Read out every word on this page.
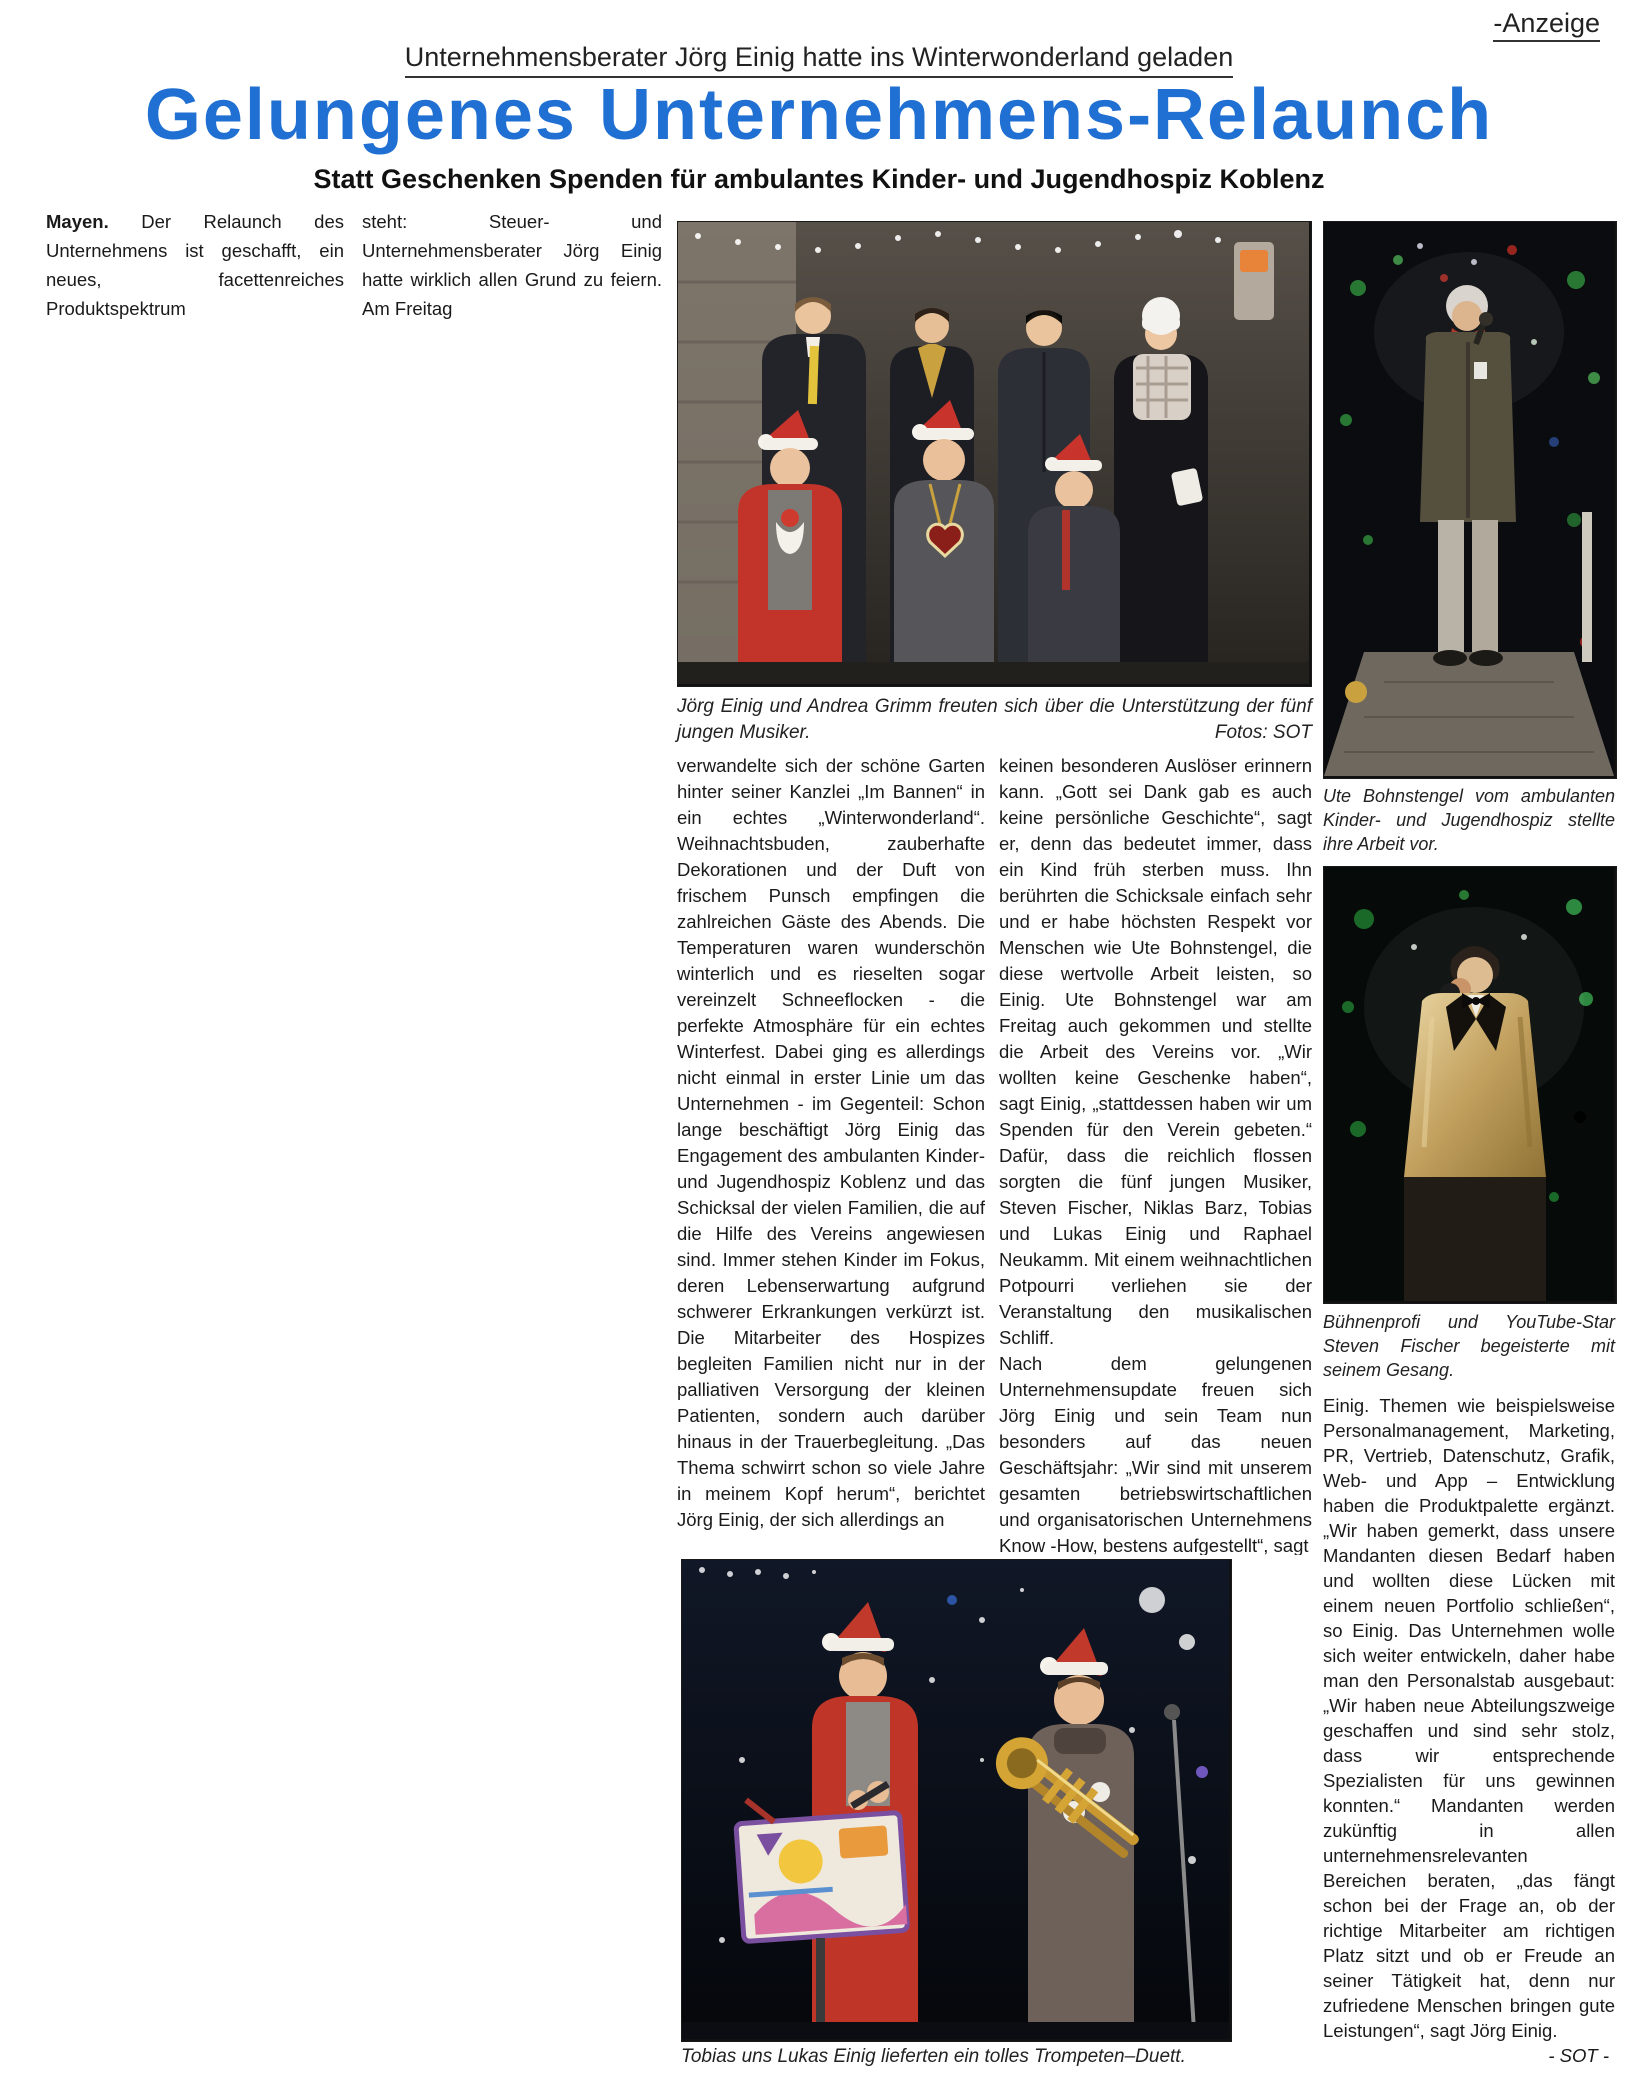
-Anzeige
Unternehmensberater Jörg Einig hatte ins Winterwonderland geladen
Gelungenes Unternehmens-Relaunch
Statt Geschenken Spenden für ambulantes Kinder- und Jugendhospiz Koblenz
Mayen. Der Relaunch des Unternehmens ist geschafft, ein neues, facettenreiches Produktspektrum
steht: Steuer- und Unternehmensberater Jörg Einig hatte wirklich allen Grund zu feiern. Am Freitag
Jörg Einig und Andrea Grimm freuten sich über die Unterstützung der fünf jungen Musiker.	Fotos: SOT

verwandelte sich der schöne Garten hinter seiner Kanzlei „Im Bannen“ in ein echtes „Winterwonderland“. Weihnachtsbuden, zauberhafte Dekorationen und der Duft von frischem Punsch empfingen die zahlreichen Gäste des Abends. Die Temperaturen waren wunderschön winterlich und es rieselten sogar vereinzelt Schneeflocken - die perfekte Atmosphäre für ein echtes Winterfest. Dabei ging es allerdings nicht einmal in erster Linie um das Unternehmen - im Gegenteil: Schon lange beschäftigt Jörg Einig das Engagement des ambulanten Kinder- und Jugendhospiz Koblenz und das Schicksal der vielen Familien, die auf die Hilfe des Vereins angewiesen sind. Immer stehen Kinder im Fokus, deren Lebenserwartung aufgrund schwerer Erkrankungen verkürzt ist. Die Mitarbeiter des Hospizes begleiten Familien nicht nur in der palliativen Versorgung der kleinen Patienten, sondern auch darüber hinaus in der Trauerbegleitung. „Das Thema schwirrt schon so viele Jahre in meinem Kopf herum“, berichtet Jörg Einig, der sich allerdings an

keinen besonderen Auslöser erinnern kann. „Gott sei Dank gab es auch keine persönliche Geschichte“, sagt er, denn das bedeutet immer, dass ein Kind früh sterben muss. Ihn berührten die Schicksale einfach sehr und er habe höchsten Respekt vor Menschen wie Ute Bohnstengel, die diese wertvolle Arbeit leisten, so Einig. Ute Bohnstengel war am Freitag auch gekommen und stellte die Arbeit des Vereins vor. „Wir wollten keine Geschenke haben“, sagt Einig, „stattdessen haben wir um Spenden für den Verein gebeten.“ Dafür, dass die reichlich flossen sorgten die fünf jungen Musiker, Steven Fischer, Niklas Barz, Tobias und Lukas Einig und Raphael Neukamm. Mit einem weihnachtlichen Potpourri verliehen sie der Veranstaltung den musikalischen Schliff.

Nach dem gelungenen Unternehmensupdate freuen sich Jörg Einig und sein Team nun besonders auf das neuen Geschäftsjahr: „Wir sind mit unserem gesamten betriebswirtschaftlichen und organisatorischen Unternehmens Know -How, bestens aufgestellt“, sagt

Ute Bohnstengel vom ambulanten Kinder- und Jugendhospiz stellte ihre Arbeit vor.
Bühnenprofi und YouTube-Star Steven Fischer begeisterte mit seinem Gesang.

Einig. Themen wie beispielsweise Personalmanagement, Marketing, PR, Vertrieb, Datenschutz, Grafik, Web- und App – Entwicklung haben die Produktpalette ergänzt. „Wir haben gemerkt, dass unsere Mandanten diesen Bedarf haben und wollten diese Lücken mit einem neuen Portfolio schließen“, so Einig. Das Unternehmen wolle sich weiter entwickeln, daher habe man den Personalstab ausgebaut: „Wir haben neue Abteilungszweige geschaffen und sind sehr stolz, dass wir entsprechende Spezialisten für uns gewinnen konnten.“ Mandanten werden zukünftig in allen unternehmensrelevanten Bereichen beraten, „das fängt schon bei der Frage an, ob der richtige Mitarbeiter am richtigen Platz sitzt und ob er Freude an seiner Tätigkeit hat, denn nur zufriedene Menschen bringen gute Leistungen“, sagt Jörg Einig.

- SOT -
Tobias uns Lukas Einig lieferten ein tolles Trompeten–Duett.
